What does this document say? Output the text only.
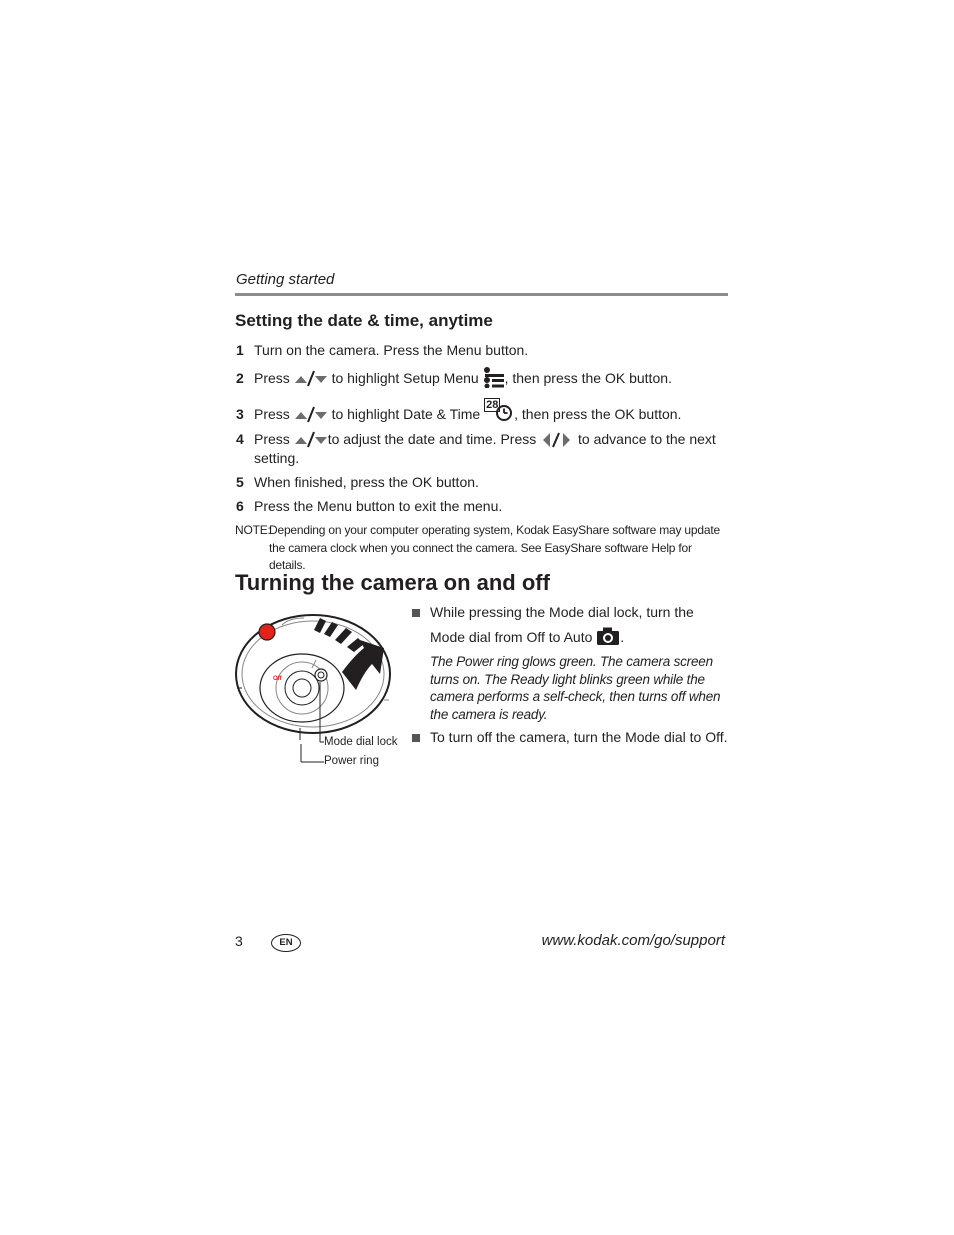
Getting started
Setting the date & time, anytime
1 Turn on the camera. Press the Menu button.
2 Press	to highlight Setup Menu , then press the OK button.
3 Press	to highlight Date & Time
28
, then press the OK button.
4 Press	to adjust the date and time. Press	to advance to the next setting.
5 When finished, press the OK button.
6 Press the Menu button to exit the menu.
NOTE:
Depending on your computer operating system, Kodak EasyShare software may update the camera clock when you connect the camera. See EasyShare software Help for details.
Turning the camera on and off
Off
Mode dial lock
Power ring
While pressing the Mode dial lock, turn the Mode dial from Off to Auto .
The Power ring glows green. The camera screen turns on. The Ready light blinks green while the camera performs a self-check, then turns off when the camera is ready.
To turn off the camera, turn the Mode dial to Off.
3	EN	www.kodak.com/go/support
